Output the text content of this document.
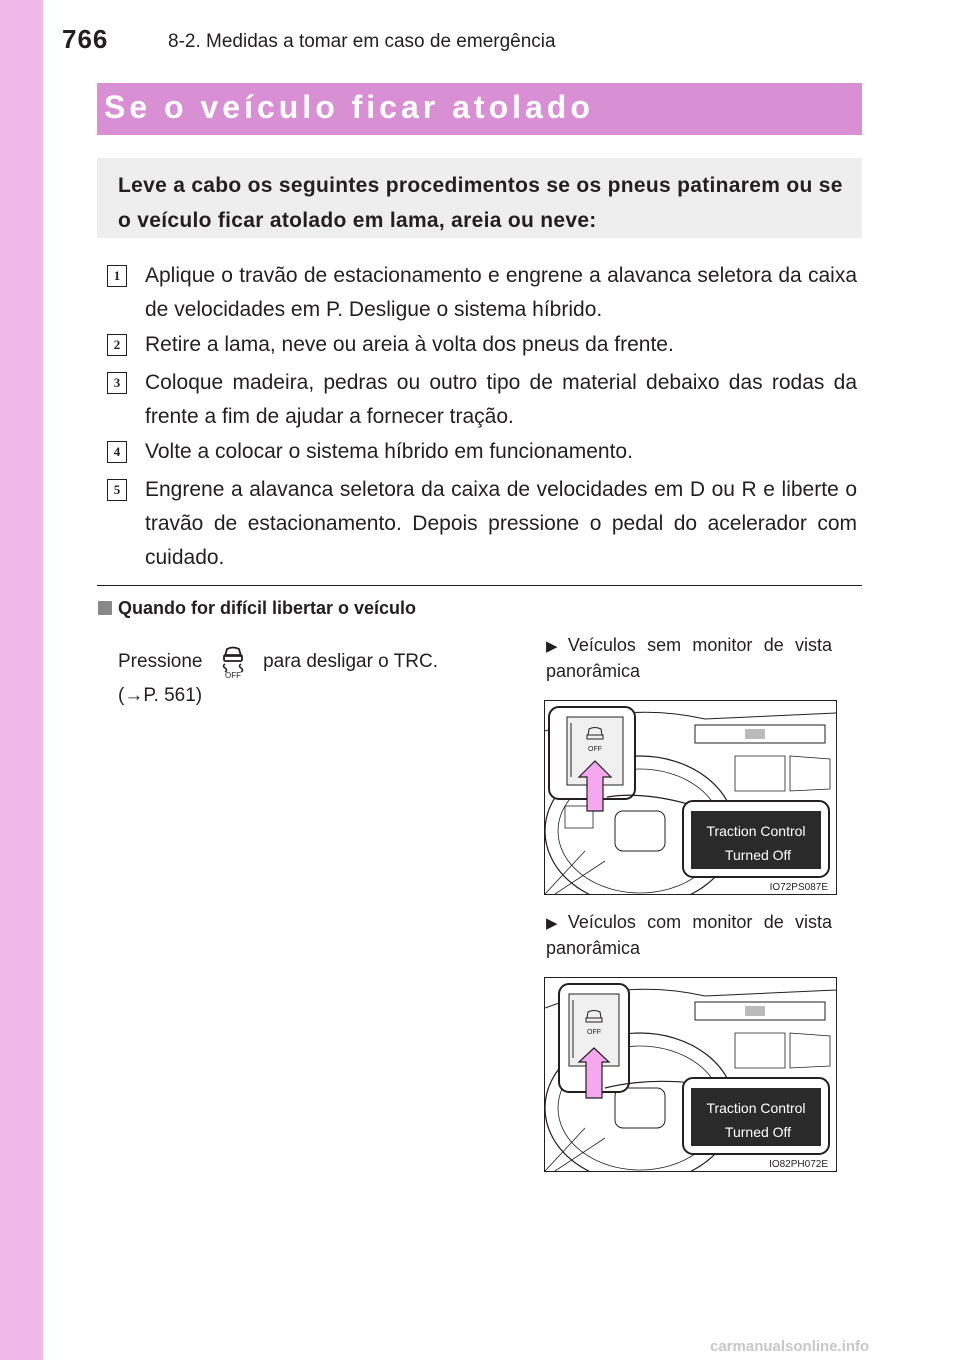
766	8-2. Medidas a tomar em caso de emergência
Se o veículo ficar atolado
Leve a cabo os seguintes procedimentos se os pneus patinarem ou se o veículo ficar atolado em lama, areia ou neve:
1	Aplique o travão de estacionamento e engrene a alavanca seletora da caixa de velocidades em P. Desligue o sistema híbrido.
2	Retire a lama, neve ou areia à volta dos pneus da frente.
3	Coloque madeira, pedras ou outro tipo de material debaixo das rodas da frente a fim de ajudar a fornecer tração.
4	Volte a colocar o sistema híbrido em funcionamento.
5	Engrene a alavanca seletora da caixa de velocidades em D ou R e liberte o travão de estacionamento. Depois pressione o pedal do acelerador com cuidado.
Quando for difícil libertar o veículo
Pressione
OFF
para desligar o TRC.
(→P. 561)
▶ Veículos sem monitor de vista panorâmica
OFF
Traction Control
Turned Off
IO72PS087E
▶ Veículos com monitor de vista panorâmica
OFF
Traction Control
Turned Off
IO82PH072E
carmanualsonline.info
